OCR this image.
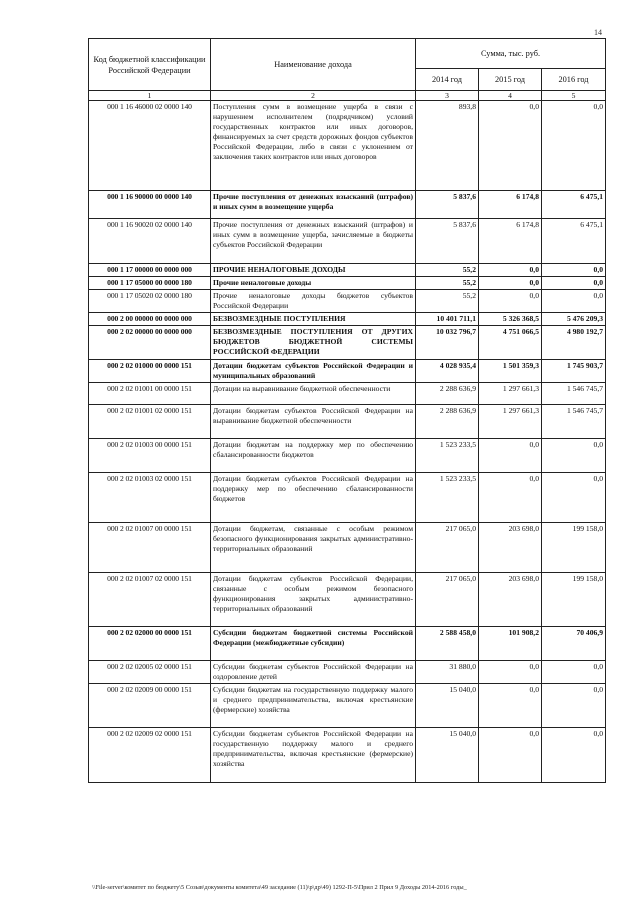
14
Код бюджетной классификации Российской Федерации	Наименование дохода	Сумма, тыс. руб.		
		2014 год	2015 год	2016 год
1	2	3	4	5
000 1 16 46000 02 0000 140	Поступления сумм в возмещение ущерба в связи с нарушением исполнителем (подрядчиком) условий государственных контрактов или иных договоров, финансируемых за счет средств дорожных фондов субъектов Российской Федерации, либо в связи с уклонением от заключения таких контрактов или иных договоров	893,8	0,0	0,0
000 1 16 90000 00 0000 140	Прочие поступления от денежных взысканий (штрафов) и иных сумм в возмещение ущерба	5 837,6	6 174,8	6 475,1
000 1 16 90020 02 0000 140	Прочие поступления от денежных взысканий (штрафов) и иных сумм в возмещение ущерба, зачисляемые в бюджеты субъектов Российской Федерации	5 837,6	6 174,8	6 475,1
000 1 17 00000 00 0000 000	ПРОЧИЕ НЕНАЛОГОВЫЕ ДОХОДЫ	55,2	0,0	0,0
000 1 17 05000 00 0000 180	Прочие неналоговые доходы	55,2	0,0	0,0
000 1 17 05020 02 0000 180	Прочие неналоговые доходы бюджетов субъектов Российской Федерации	55,2	0,0	0,0
000 2 00 00000 00 0000 000	БЕЗВОЗМЕЗДНЫЕ ПОСТУПЛЕНИЯ	10 401 711,1	5 326 368,5	5 476 209,3
000 2 02 00000 00 0000 000	БЕЗВОЗМЕЗДНЫЕ ПОСТУПЛЕНИЯ ОТ ДРУГИХ БЮДЖЕТОВ БЮДЖЕТНОЙ СИСТЕМЫ РОССИЙСКОЙ ФЕДЕРАЦИИ	10 032 796,7	4 751 066,5	4 980 192,7
000 2 02 01000 00 0000 151	Дотации бюджетам субъектов Российской Федерации и муниципальных образований	4 028 935,4	1 501 359,3	1 745 903,7
000 2 02 01001 00 0000 151	Дотации на выравнивание бюджетной обеспеченности	2 288 636,9	1 297 661,3	1 546 745,7
000 2 02 01001 02 0000 151	Дотации бюджетам субъектов Российской Федерации на выравнивание бюджетной обеспеченности	2 288 636,9	1 297 661,3	1 546 745,7
000 2 02 01003 00 0000 151	Дотации бюджетам на поддержку мер по обеспечению сбалансированности бюджетов	1 523 233,5	0,0	0,0
000 2 02 01003 02 0000 151	Дотации бюджетам субъектов Российской Федерации на поддержку мер по обеспечению сбалансированности бюджетов	1 523 233,5	0,0	0,0
000 2 02 01007 00 0000 151	Дотации бюджетам, связанные с особым режимом безопасного функционирования закрытых административно-территориальных образований	217 065,0	203 698,0	199 158,0
000 2 02 01007 02 0000 151	Дотации бюджетам субъектов Российской Федерации, связанные с особым режимом безопасного функционирования закрытых административно-территориальных образований	217 065,0	203 698,0	199 158,0
000 2 02 02000 00 0000 151	Субсидии бюджетам бюджетной системы Российской Федерации (межбюджетные субсидии)	2 588 458,0	101 908,2	70 406,9
000 2 02 02005 02 0000 151	Субсидии бюджетам субъектов Российской Федерации на оздоровление детей	31 880,0	0,0	0,0
000 2 02 02009 00 0000 151	Субсидии бюджетам на государственную поддержку малого и среднего предпринимательства, включая крестьянские (фермерские) хозяйства	15 040,0	0,0	0,0
000 2 02 02009 02 0000 151	Субсидии бюджетам субъектов Российской Федерации на государственную поддержку малого и среднего предпринимательства, включая крестьянские (фермерские) хозяйства	15 040,0	0,0	0,0
\\File-server\комитет по бюджету\5 Созыв\документы комитета\49 заседание (11)\р\др\49) 1292-П-5\Прил 2 Прил 9 Доходы 2014-2016 годы_
